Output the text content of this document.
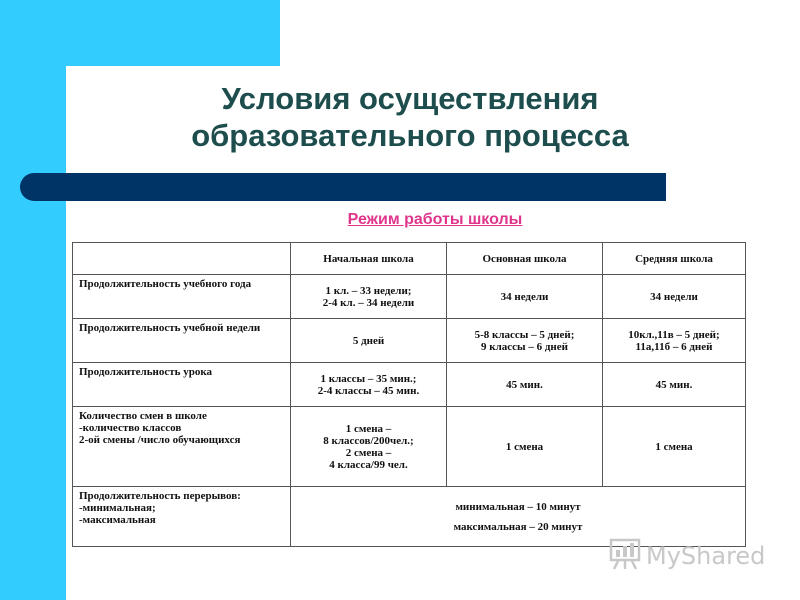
Условия осуществления
образовательного процесса
Режим работы школы
	Начальная школа	Основная школа	Средняя школа
Продолжительность учебного года	1 кл. – 33 недели;
2-4 кл. – 34 недели	34 недели	34 недели
Продолжительность учебной недели	5 дней	5-8 классы – 5 дней;
9 классы – 6 дней	10кл.,11в – 5 дней;
11а,11б – 6 дней
Продолжительность урока	1 классы – 35 мин.;
2-4 классы – 45 мин.	45 мин.	45 мин.
Количество смен в школе
-количество классов
2-ой смены /число обучающихся	1 смена –
8 классов/200чел.;
2 смена –
4 класса/99 чел.	1 смена	1 смена
Продолжительность перерывов:
-минимальная;
-максимальная	минимальная – 10 минут
максимальная – 20 минут		
MyShared
